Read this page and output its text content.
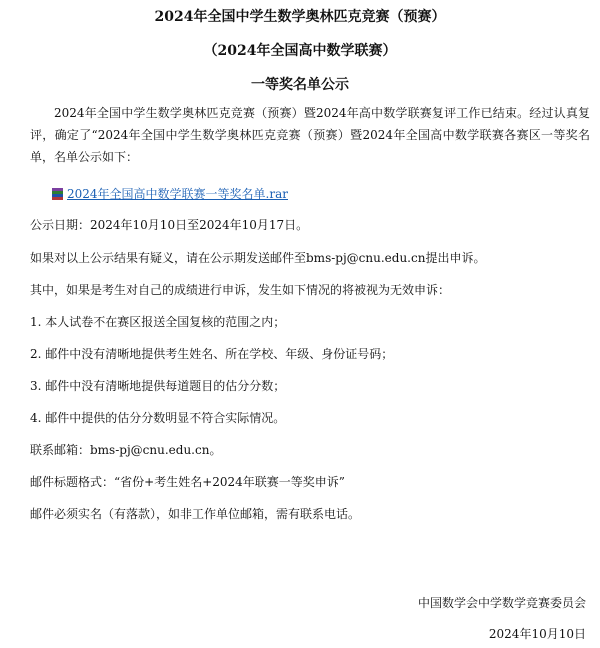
2024年全国中学生数学奥林匹克竞赛（预赛）
（2024年全国高中数学联赛）
一等奖名单公示

2024年全国中学生数学奥林匹克竞赛（预赛）暨2024年高中数学联赛复评工作已结束。经过认真复评，确定了“2024年全国中学生数学奥林匹克竞赛（预赛）暨2024年全国高中数学联赛各赛区一等奖名单，名单公示如下：

2024年全国高中数学联赛一等奖名单.rar
公示日期：2024年10月10日至2024年10月17日。
如果对以上公示结果有疑义，请在公示期发送邮件至bms-pj@cnu.edu.cn提出申诉。
其中，如果是考生对自己的成绩进行申诉，发生如下情况的将被视为无效申诉：
1. 本人试卷不在赛区报送全国复核的范围之内；
2. 邮件中没有清晰地提供考生姓名、所在学校、年级、身份证号码；
3. 邮件中没有清晰地提供每道题目的估分分数；
4. 邮件中提供的估分分数明显不符合实际情况。
联系邮箱：bms-pj@cnu.edu.cn。
邮件标题格式：“省份+考生姓名+2024年联赛一等奖申诉”
邮件必须实名（有落款），如非工作单位邮箱，需有联系电话。
中国数学会中学数学竞赛委员会
2024年10月10日
